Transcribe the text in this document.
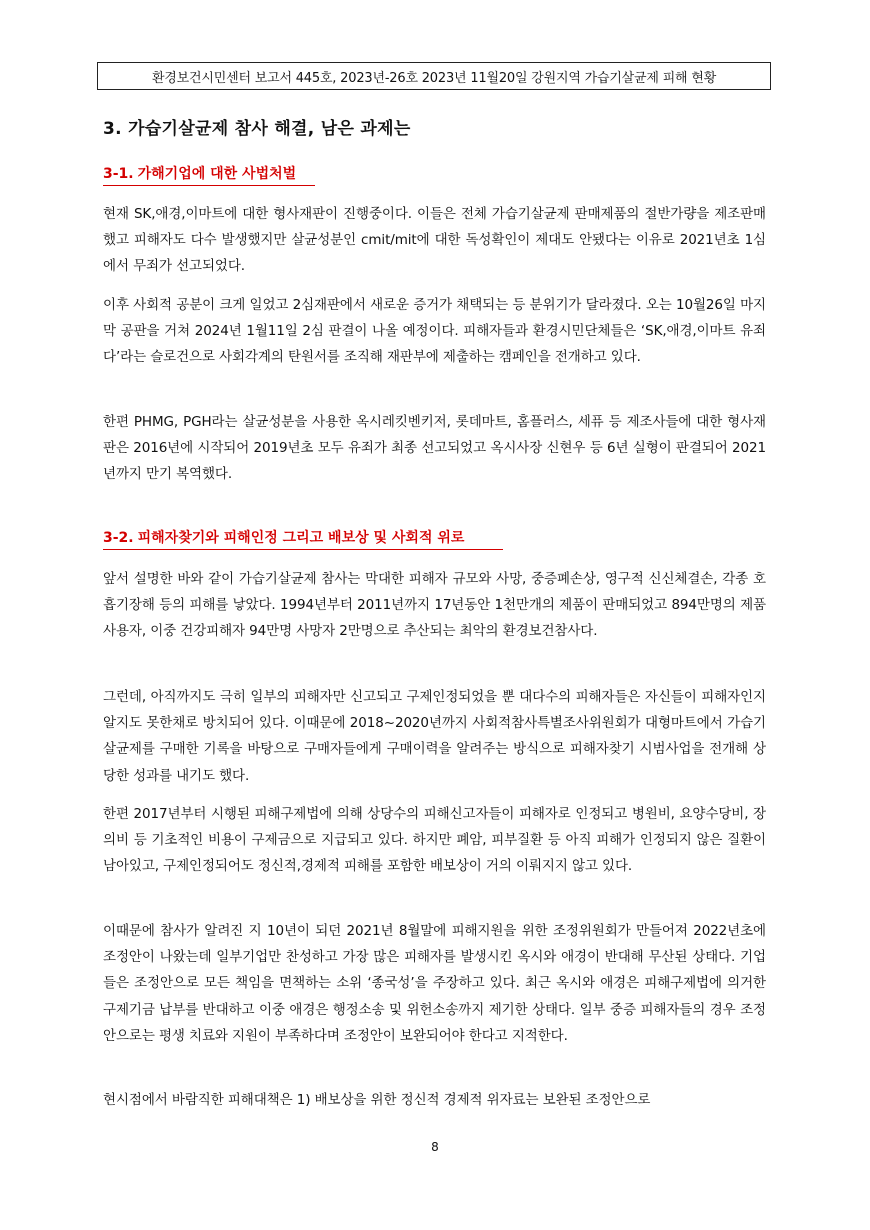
환경보건시민센터 보고서 445호, 2023년-26호 2023년 11월20일 강원지역 가습기살균제 피해 현황
3. 가습기살균제 참사 해결, 남은 과제는
3-1. 가해기업에 대한 사법처벌

현재 SK,애경,이마트에 대한 형사재판이 진행중이다. 이들은 전체 가습기살균제 판매제품의 절반가량을 제조판매했고 피해자도 다수 발생했지만 살균성분인 cmit/mit에 대한 독성확인이 제대도 안됐다는 이유로 2021년초 1심에서 무죄가 선고되었다.

이후 사회적 공분이 크게 일었고 2심재판에서 새로운 증거가 채택되는 등 분위기가 달라졌다. 오는 10월26일 마지막 공판을 거쳐 2024년 1월11일 2심 판결이 나올 예정이다. 피해자들과 환경시민단체들은 ‘SK,애경,이마트 유죄다’라는 슬로건으로 사회각계의 탄원서를 조직해 재판부에 제출하는 캠페인을 전개하고 있다.

한편 PHMG, PGH라는 살균성분을 사용한 옥시레킷벤키저, 롯데마트, 홈플러스, 세퓨 등 제조사들에 대한 형사재판은 2016년에 시작되어 2019년초 모두 유죄가 최종 선고되었고 옥시사장 신현우 등 6년 실형이 판결되어 2021년까지 만기 복역했다.

3-2. 피해자찾기와 피해인정 그리고 배보상 및 사회적 위로

앞서 설명한 바와 같이 가습기살균제 참사는 막대한 피해자 규모와 사망, 중증폐손상, 영구적 신신체결손, 각종 호흡기장해 등의 피해를 낳았다. 1994년부터 2011년까지 17년동안 1천만개의 제품이 판매되었고 894만명의 제품 사용자, 이중 건강피해자 94만명 사망자 2만명으로 추산되는 최악의 환경보건참사다.

그런데, 아직까지도 극히 일부의 피해자만 신고되고 구제인정되었을 뿐 대다수의 피해자들은 자신들이 피해자인지 알지도 못한채로 방치되어 있다. 이때문에 2018~2020년까지 사회적참사특별조사위원회가 대형마트에서 가습기살균제를 구매한 기록을 바탕으로 구매자들에게 구매이력을 알려주는 방식으로 피해자찾기 시범사업을 전개해 상당한 성과를 내기도 했다.

한편 2017년부터 시행된 피해구제법에 의해 상당수의 피해신고자들이 피해자로 인정되고 병원비, 요양수당비, 장의비 등 기초적인 비용이 구제금으로 지급되고 있다. 하지만 폐암, 피부질환 등 아직 피해가 인정되지 않은 질환이 남아있고, 구제인정되어도 정신적,경제적 피해를 포함한 배보상이 거의 이뤄지지 않고 있다.

이때문에 참사가 알려진 지 10년이 되던 2021년 8월말에 피해지원을 위한 조정위원회가 만들어져 2022년초에 조정안이 나왔는데 일부기업만 찬성하고 가장 많은 피해자를 발생시킨 옥시와 애경이 반대해 무산된 상태다. 기업들은 조정안으로 모든 책임을 면책하는 소위 ‘종국성’을 주장하고 있다. 최근 옥시와 애경은 피해구제법에 의거한 구제기금 납부를 반대하고 이중 애경은 행정소송 및 위헌소송까지 제기한 상태다. 일부 중증 피해자들의 경우 조정안으로는 평생 치료와 지원이 부족하다며 조정안이 보완되어야 한다고 지적한다.

현시점에서 바람직한 피해대책은 1) 배보상을 위한 정신적 경제적 위자료는 보완된 조정안으로

8
